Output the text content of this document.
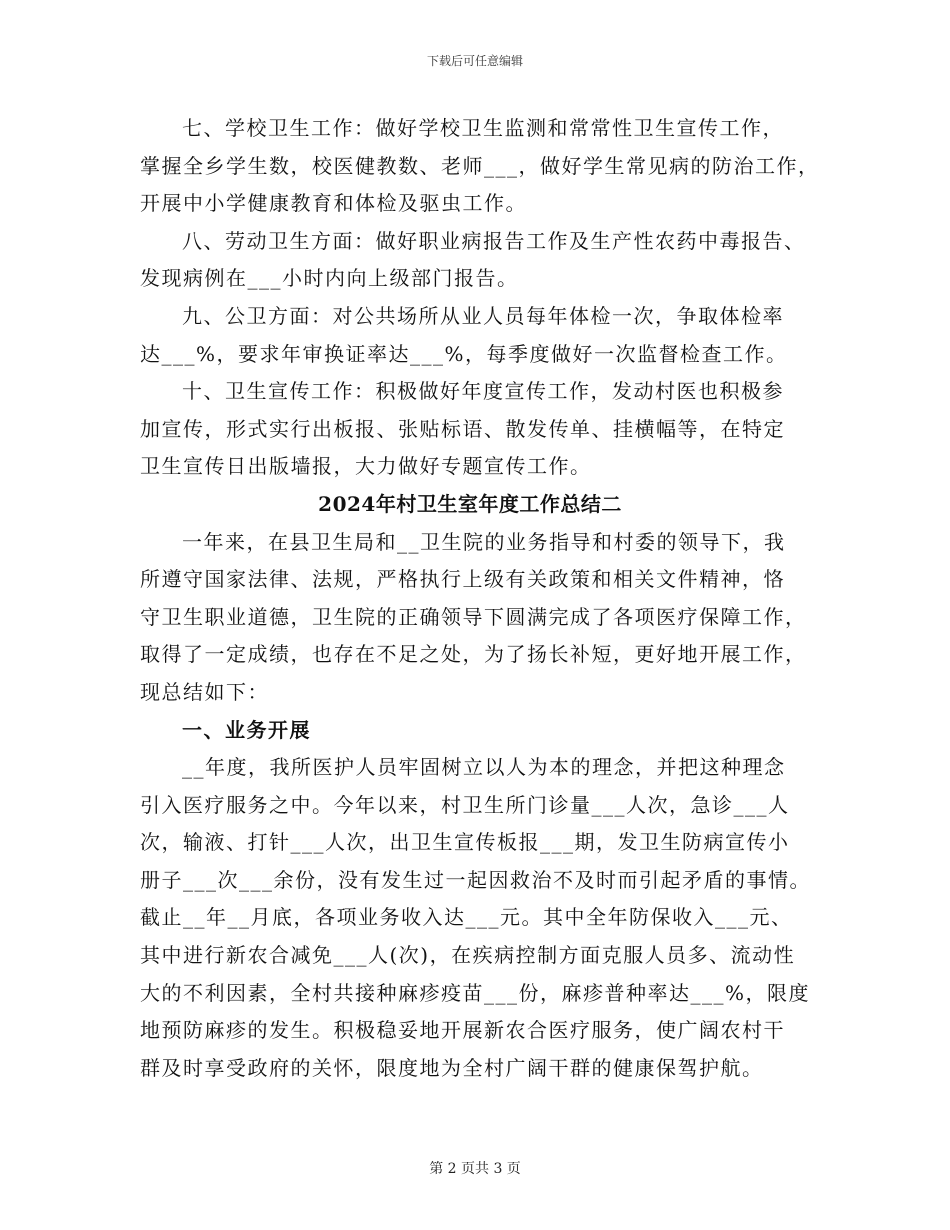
下载后可任意编辑
七、学校卫生工作：做好学校卫生监测和常常性卫生宣传工作，
掌握全乡学生数，校医健教数、老师___，做好学生常见病的防治工作，
开展中小学健康教育和体检及驱虫工作。
八、劳动卫生方面：做好职业病报告工作及生产性农药中毒报告、
发现病例在___小时内向上级部门报告。
九、公卫方面：对公共场所从业人员每年体检一次，争取体检率
达___%，要求年审换证率达___%，每季度做好一次监督检查工作。
十、卫生宣传工作：积极做好年度宣传工作，发动村医也积极参
加宣传，形式实行出板报、张贴标语、散发传单、挂横幅等，在特定
卫生宣传日出版墙报，大力做好专题宣传工作。
2024年村卫生室年度工作总结二
一年来，在县卫生局和__卫生院的业务指导和村委的领导下，我
所遵守国家法律、法规，严格执行上级有关政策和相关文件精神，恪
守卫生职业道德，卫生院的正确领导下圆满完成了各项医疗保障工作，
取得了一定成绩，也存在不足之处，为了扬长补短，更好地开展工作，
现总结如下：
一、业务开展
__年度，我所医护人员牢固树立以人为本的理念，并把这种理念
引入医疗服务之中。今年以来，村卫生所门诊量___人次，急诊___人
次，输液、打针___人次，出卫生宣传板报___期，发卫生防病宣传小
册子___次___余份，没有发生过一起因救治不及时而引起矛盾的事情。
截止__年__月底，各项业务收入达___元。其中全年防保收入___元、
其中进行新农合减免___人(次)，在疾病控制方面克服人员多、流动性
大的不利因素，全村共接种麻疹疫苗___份，麻疹普种率达___%，限度
地预防麻疹的发生。积极稳妥地开展新农合医疗服务，使广阔农村干
群及时享受政府的关怀，限度地为全村广阔干群的健康保驾护航。
第 2 页共 3 页
